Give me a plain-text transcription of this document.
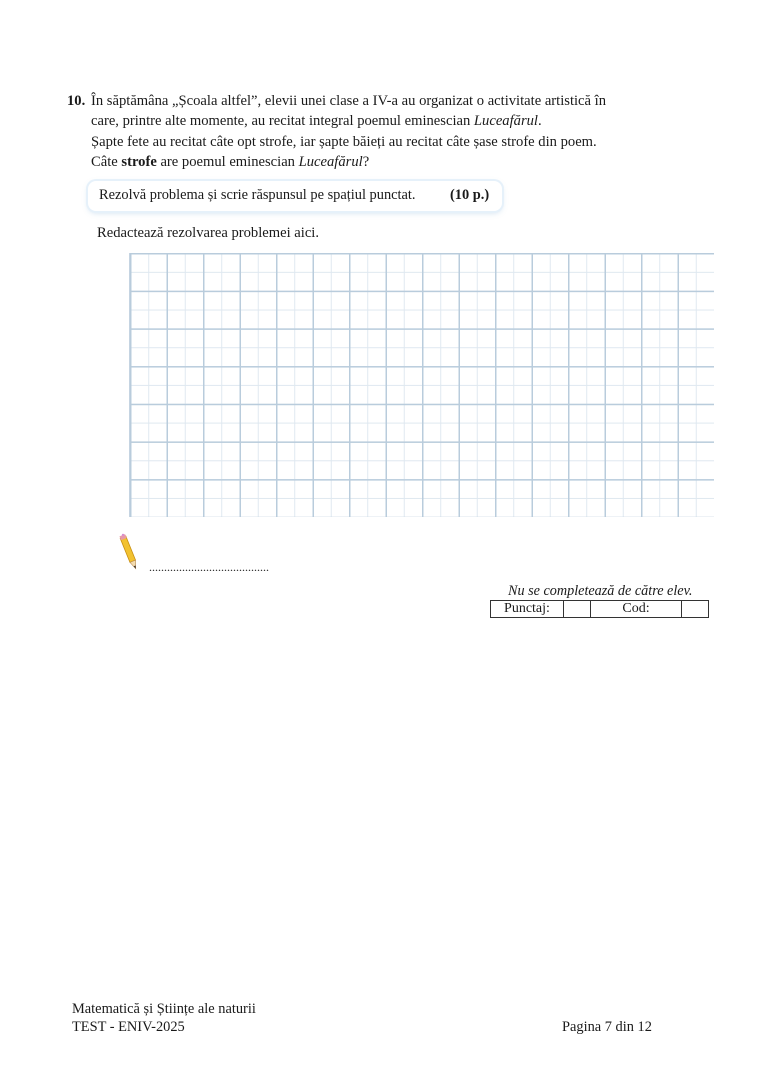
10. În săptămâna „Școala altfel”, elevii unei clase a IV-a au organizat o activitate artistică în
care, printre alte momente, au recitat integral poemul eminescian Luceafărul.
Șapte fete au recitat câte opt strofe, iar șapte băieți au recitat câte șase strofe din poem.
Câte strofe are poemul eminescian Luceafărul?
Rezolvă problema și scrie răspunsul pe spațiul punctat. (10 p.)
Redactează rezolvarea problemei aici.
........................................
Nu se completează de către elev.
Punctaj:		Cod:	
Matematică și Științe ale naturii
TEST - ENIV-2025	Pagina 7 din 12
